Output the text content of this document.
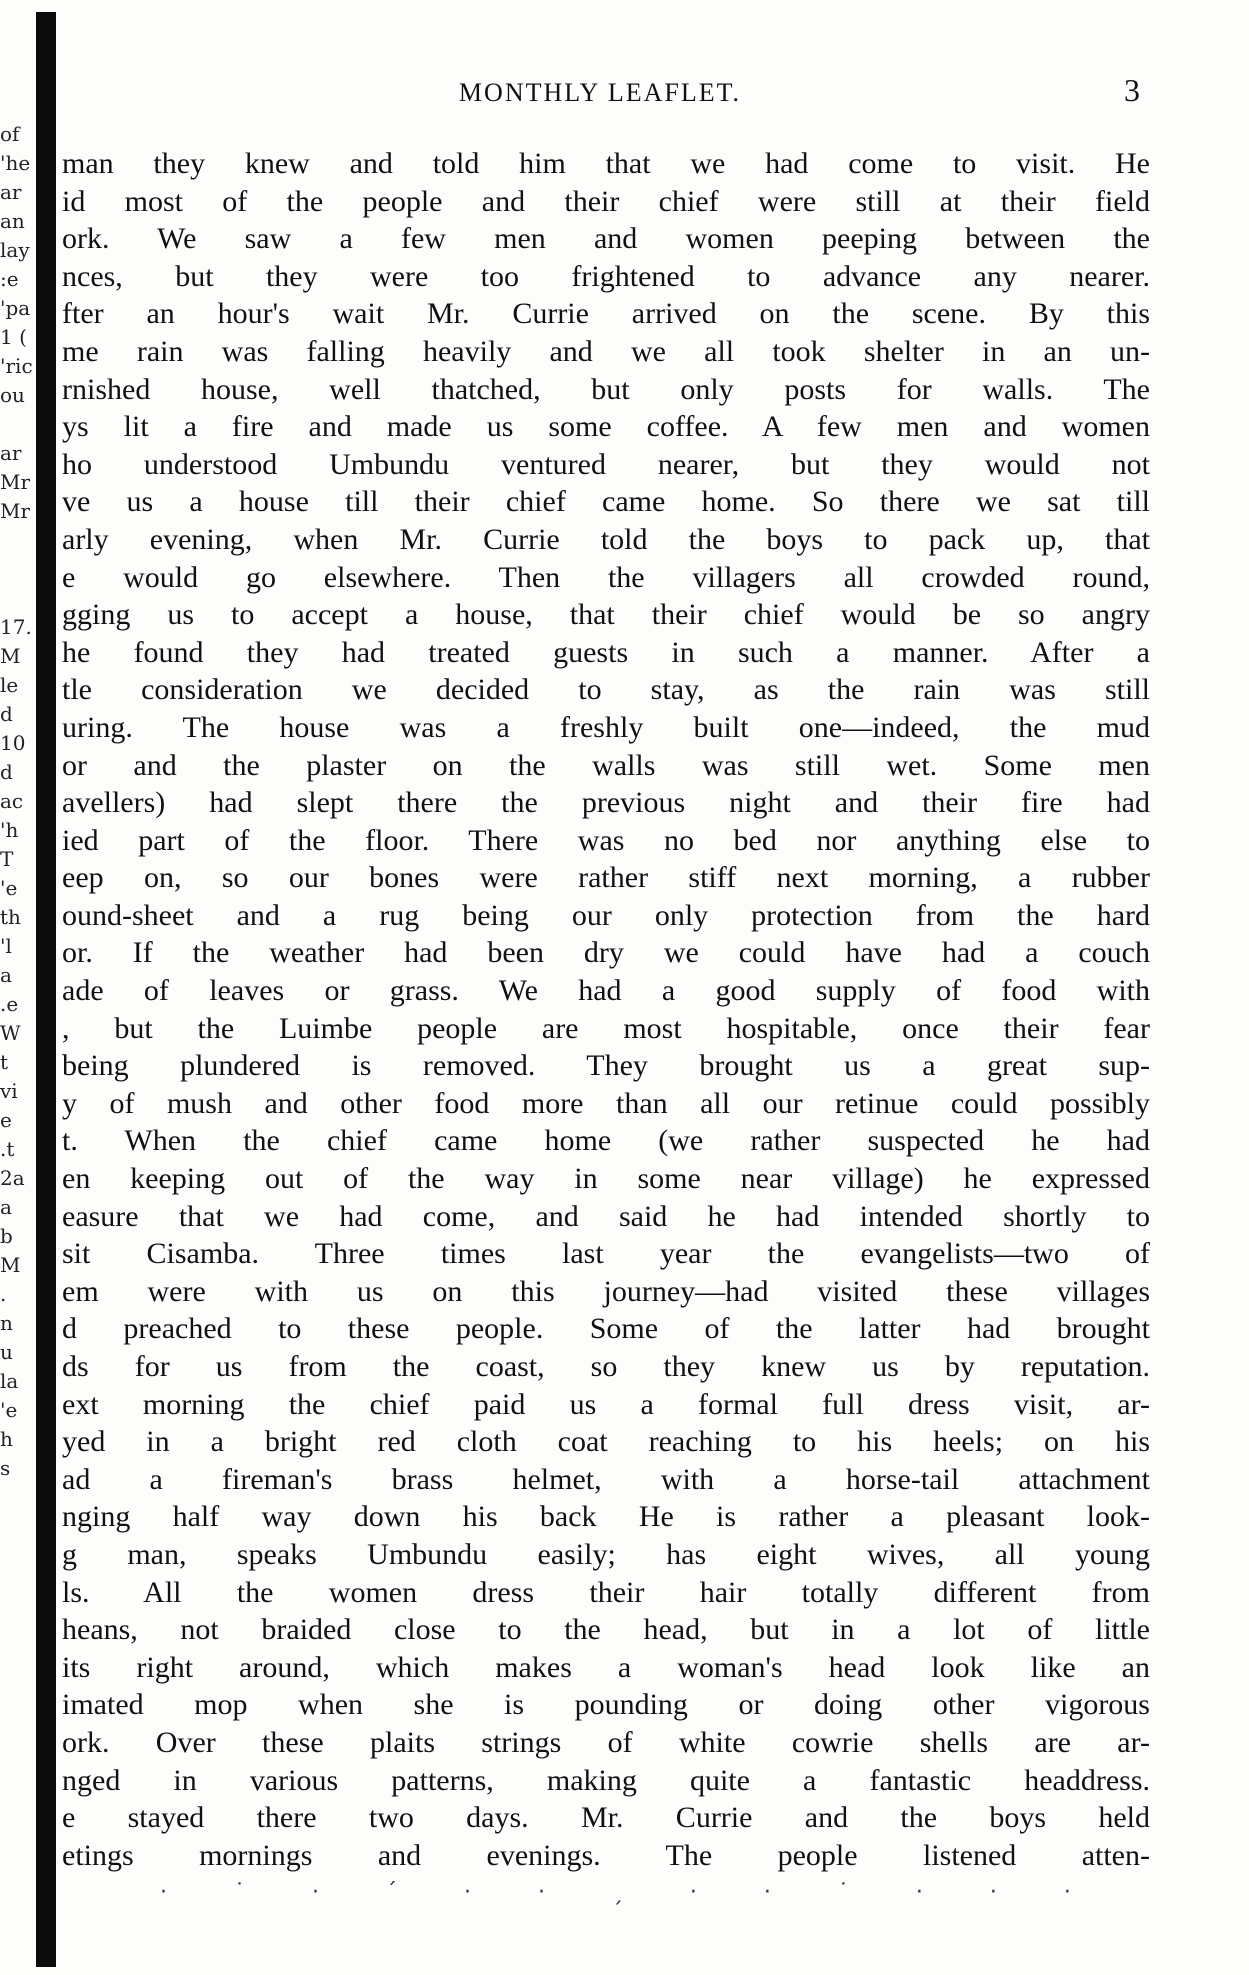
of
'he
ar
an
lay
:e
'pa
1 (
'ric
ou

ar
Mr
Mr

17.
M
le
d
10
d
ac
'h
T
'e
th
'l
a
.e
W
t
vi
e
.t
2a
a
b
M
.
n
u
la
'e
h
s
MONTHLY LEAFLET.	3
man they knew and told him that we had come to visit. He
id most of the people and their chief were still at their field
ork. We saw a few men and women peeping between the
nces, but they were too frightened to advance any nearer.
fter an hour's wait Mr. Currie arrived on the scene. By this
me rain was falling heavily and we all took shelter in an un-
rnished house, well thatched, but only posts for walls. The
ys lit a fire and made us some coffee. A few men and women
ho understood Umbundu ventured nearer, but they would not
ve us a house till their chief came home. So there we sat till
arly evening, when Mr. Currie told the boys to pack up, that
e would go elsewhere. Then the villagers all crowded round,
gging us to accept a house, that their chief would be so angry
he found they had treated guests in such a manner. After a
tle consideration we decided to stay, as the rain was still
uring. The house was a freshly built one—indeed, the mud
or and the plaster on the walls was still wet. Some men
avellers) had slept there the previous night and their fire had
ied part of the floor. There was no bed nor anything else to
eep on, so our bones were rather stiff next morning, a rubber
ound-sheet and a rug being our only protection from the hard
or. If the weather had been dry we could have had a couch
ade of leaves or grass. We had a good supply of food with
, but the Luimbe people are most hospitable, once their fear
being plundered is removed. They brought us a great sup-
y of mush and other food more than all our retinue could possibly
t. When the chief came home (we rather suspected he had
en keeping out of the way in some near village) he expressed
easure that we had come, and said he had intended shortly to
sit Cisamba. Three times last year the evangelists—two of
em were with us on this journey—had visited these villages
d preached to these people. Some of the latter had brought
ds for us from the coast, so they knew us by reputation.
ext morning the chief paid us a formal full dress visit, ar-
yed in a bright red cloth coat reaching to his heels; on his
ad a fireman's brass helmet, with a horse-tail attachment
nging half way down his back He is rather a pleasant look-
g man, speaks Umbundu easily; has eight wives, all young
ls. All the women dress their hair totally different from
heans, not braided close to the head, but in a lot of little
its right around, which makes a woman's head look like an
imated mop when she is pounding or doing other vigorous
ork. Over these plaits strings of white cowrie shells are ar-
nged in various patterns, making quite a fantastic headdress.
e stayed there two days. Mr. Currie and the boys held
etings mornings and evenings. The people listened atten-
· ˙ · ˊ · · ˏ · · ˙ · · ·
